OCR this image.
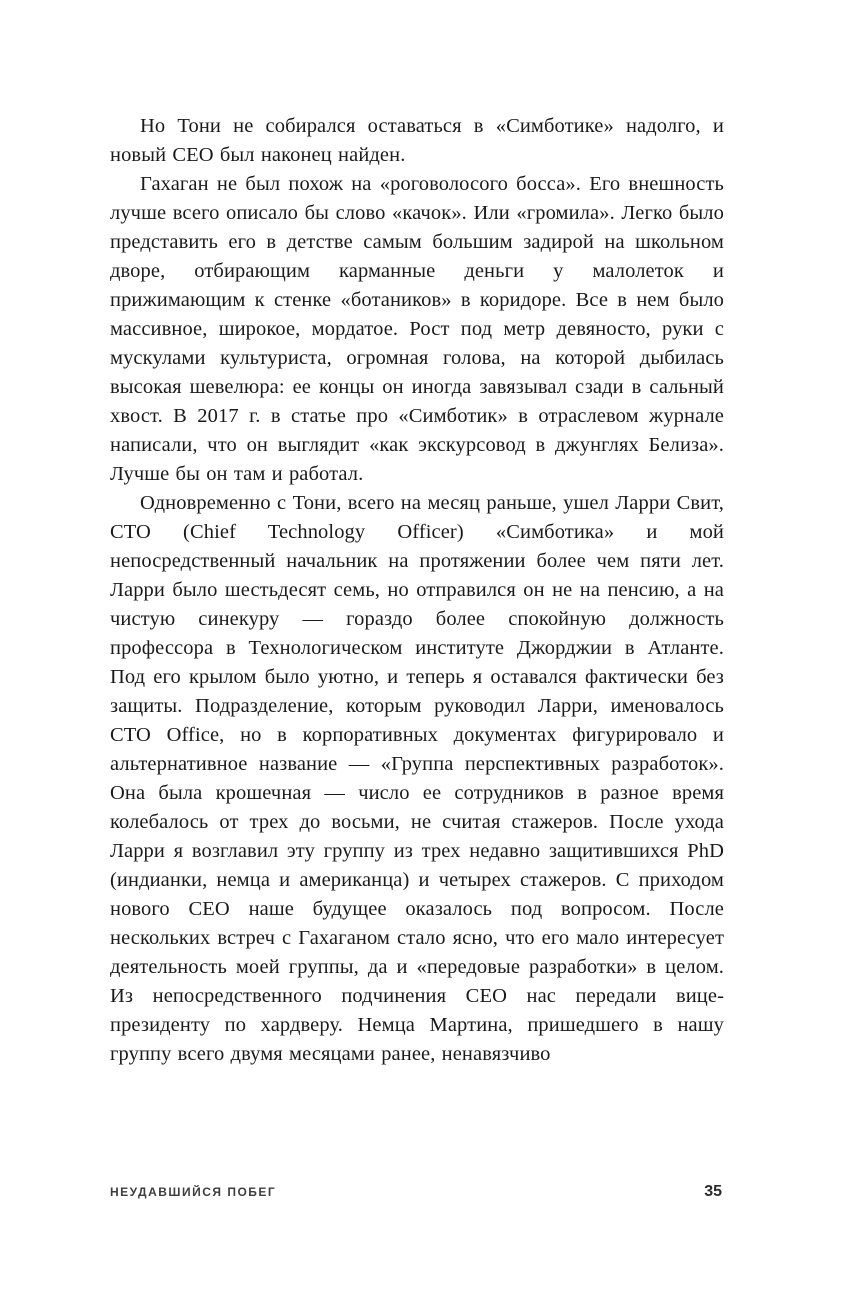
Но Тони не собирался оставаться в «Симботике» надолго, и новый CEO был наконец найден.

Гахаган не был похож на «роговолосого босса». Его внешность лучше всего описало бы слово «качок». Или «громила». Легко было представить его в детстве самым большим задирой на школьном дворе, отбирающим карманные деньги у малолеток и прижимающим к стенке «ботаников» в коридоре. Все в нем было массивное, широкое, мордатое. Рост под метр девяносто, руки с мускулами культуриста, огромная голова, на которой дыбилась высокая шевелюра: ее концы он иногда завязывал сзади в сальный хвост. В 2017 г. в статье про «Симботик» в отраслевом журнале написали, что он выглядит «как экскурсовод в джунглях Белиза». Лучше бы он там и работал.

Одновременно с Тони, всего на месяц раньше, ушел Ларри Свит, CTO (Chief Technology Officer) «Симботика» и мой непосредственный начальник на протяжении более чем пяти лет. Ларри было шестьдесят семь, но отправился он не на пенсию, а на чистую синекуру — гораздо более спокойную должность профессора в Технологическом институте Джорджии в Атланте. Под его крылом было уютно, и теперь я оставался фактически без защиты. Подразделение, которым руководил Ларри, именовалось CTO Office, но в корпоративных документах фигурировало и альтернативное название — «Группа перспективных разработок». Она была крошечная — число ее сотрудников в разное время колебалось от трех до восьми, не считая стажеров. После ухода Ларри я возглавил эту группу из трех недавно защитившихся PhD (индианки, немца и американца) и четырех стажеров. С приходом нового CEO наше будущее оказалось под вопросом. После нескольких встреч с Гахаганом стало ясно, что его мало интересует деятельность моей группы, да и «передовые разработки» в целом. Из непосредственного подчинения CEO нас передали вице-президенту по хардверу. Немца Мартина, пришедшего в нашу группу всего двумя месяцами ранее, ненавязчиво

НЕУДАВШИЙСЯ ПОБЕГ	35
